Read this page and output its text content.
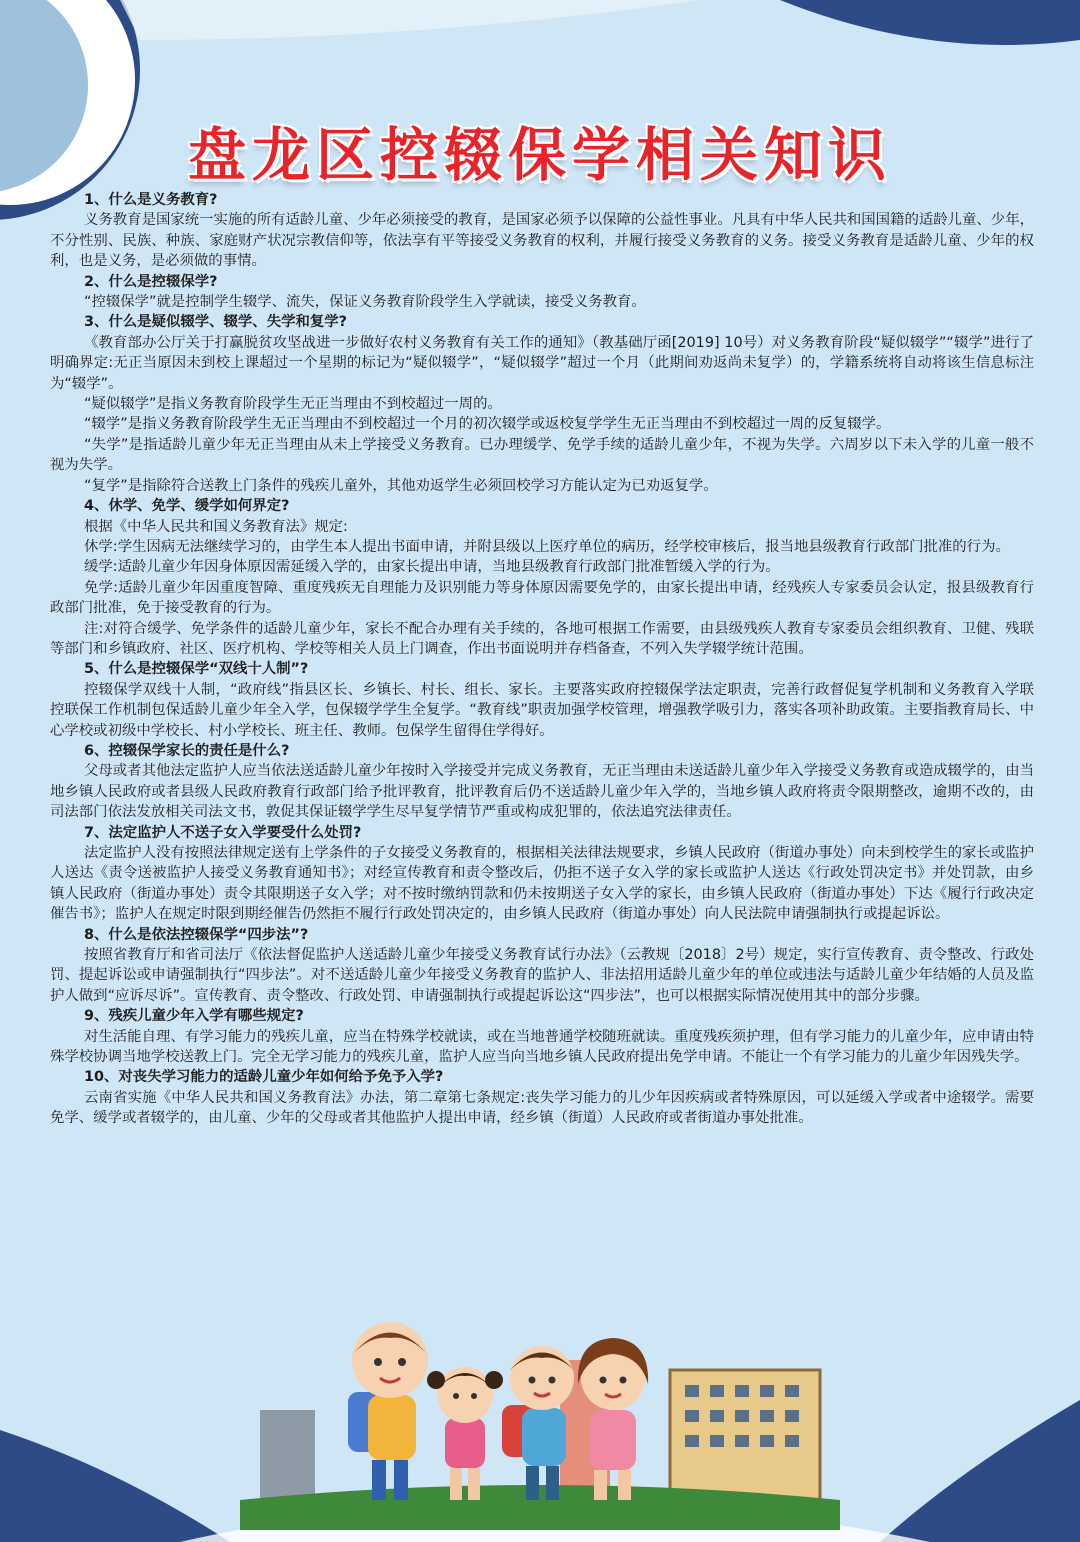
盘龙区控辍保学相关知识

1、什么是义务教育?

义务教育是国家统一实施的所有适龄儿童、少年必须接受的教育，是国家必须予以保障的公益性事业。凡具有中华人民共和国国籍的适龄儿童、少年，不分性别、民族、种族、家庭财产状况宗教信仰等，依法享有平等接受义务教育的权利，并履行接受义务教育的义务。接受义务教育是适龄儿童、少年的权利，也是义务，是必须做的事情。

2、什么是控辍保学?

“控辍保学”就是控制学生辍学、流失，保证义务教育阶段学生入学就读，接受义务教育。

3、什么是疑似辍学、辍学、失学和复学?

《教育部办公厅关于打赢脱贫攻坚战进一步做好农村义务教育有关工作的通知》（教基础厅函[2019] 10号）对义务教育阶段“疑似辍学”“辍学”进行了明确界定:无正当原因未到校上课超过一个星期的标记为“疑似辍学”，“疑似辍学”超过一个月（此期间劝返尚未复学）的，学籍系统将自动将该生信息标注为“辍学”。

“疑似辍学”是指义务教育阶段学生无正当理由不到校超过一周的。

“辍学”是指义务教育阶段学生无正当理由不到校超过一个月的初次辍学或返校复学学生无正当理由不到校超过一周的反复辍学。

“失学”是指适龄儿童少年无正当理由从未上学接受义务教育。已办理缓学、免学手续的适龄儿童少年，不视为失学。六周岁以下未入学的儿童一般不视为失学。

“复学”是指除符合送教上门条件的残疾儿童外，其他劝返学生必须回校学习方能认定为已劝返复学。

4、休学、免学、缓学如何界定?

根据《中华人民共和国义务教育法》规定:

休学:学生因病无法继续学习的，由学生本人提出书面申请，并附县级以上医疗单位的病历，经学校审核后，报当地县级教育行政部门批准的行为。

缓学:适龄儿童少年因身体原因需延缓入学的，由家长提出申请，当地县级教育行政部门批准暂缓入学的行为。

免学:适龄儿童少年因重度智障、重度残疾无自理能力及识别能力等身体原因需要免学的，由家长提出申请，经残疾人专家委员会认定，报县级教育行政部门批准，免于接受教育的行为。

注:对符合缓学、免学条件的适龄儿童少年，家长不配合办理有关手续的，各地可根据工作需要，由县级残疾人教育专家委员会组织教育、卫健、残联等部门和乡镇政府、社区、医疗机构、学校等相关人员上门调查，作出书面说明并存档备查，不列入失学辍学统计范围。

5、什么是控辍保学“双线十人制”?

控辍保学双线十人制，“政府线”指县区长、乡镇长、村长、组长、家长。主要落实政府控辍保学法定职责，完善行政督促复学机制和义务教育入学联控联保工作机制包保适龄儿童少年全入学，包保辍学学生全复学。“教育线”职责加强学校管理，增强教学吸引力，落实各项补助政策。主要指教育局长、中心学校或初级中学校长、村小学校长、班主任、教师。包保学生留得住学得好。

6、控辍保学家长的责任是什么?

父母或者其他法定监护人应当依法送适龄儿童少年按时入学接受并完成义务教育，无正当理由未送适龄儿童少年入学接受义务教育或造成辍学的，由当地乡镇人民政府或者县级人民政府教育行政部门给予批评教育，批评教育后仍不送适龄儿童少年入学的，当地乡镇人政府将责令限期整改，逾期不改的，由司法部门依法发放相关司法文书，敦促其保证辍学学生尽早复学情节严重或构成犯罪的，依法追究法律责任。

7、法定监护人不送子女入学要受什么处罚?

法定监护人没有按照法律规定送有上学条件的子女接受义务教育的，根据相关法律法规要求，乡镇人民政府（街道办事处）向未到校学生的家长或监护人送达《责令送被监护人接受义务教育通知书》；对经宣传教育和责令整改后，仍拒不送子女入学的家长或监护人送达《行政处罚决定书》并处罚款，由乡镇人民政府（街道办事处）责令其限期送子女入学；对不按时缴纳罚款和仍未按期送子女入学的家长，由乡镇人民政府（街道办事处）下达《履行行政决定催告书》；监护人在规定时限到期经催告仍然拒不履行行政处罚决定的，由乡镇人民政府（街道办事处）向人民法院申请强制执行或提起诉讼。

8、什么是依法控辍保学“四步法”?

按照省教育厅和省司法厅《依法督促监护人送适龄儿童少年接受义务教育试行办法》（云教规〔2018〕2号）规定，实行宣传教育、责令整改、行政处罚、提起诉讼或申请强制执行“四步法”。对不送适龄儿童少年接受义务教育的监护人、非法招用适龄儿童少年的单位或违法与适龄儿童少年结婚的人员及监护人做到“应诉尽诉”。宣传教育、责令整改、行政处罚、申请强制执行或提起诉讼这“四步法”，也可以根据实际情况使用其中的部分步骤。

9、残疾儿童少年入学有哪些规定?

对生活能自理、有学习能力的残疾儿童，应当在特殊学校就读，或在当地普通学校随班就读。重度残疾须护理，但有学习能力的儿童少年，应申请由特殊学校协调当地学校送教上门。完全无学习能力的残疾儿童，监护人应当向当地乡镇人民政府提出免学申请。不能让一个有学习能力的儿童少年因残失学。

10、对丧失学习能力的适龄儿童少年如何给予免予入学?

云南省实施《中华人民共和国义务教育法》办法，第二章第七条规定:丧失学习能力的儿少年因疾病或者特殊原因，可以延缓入学或者中途辍学。需要免学、缓学或者辍学的，由儿童、少年的父母或者其他监护人提出申请，经乡镇（街道）人民政府或者街道办事处批准。
